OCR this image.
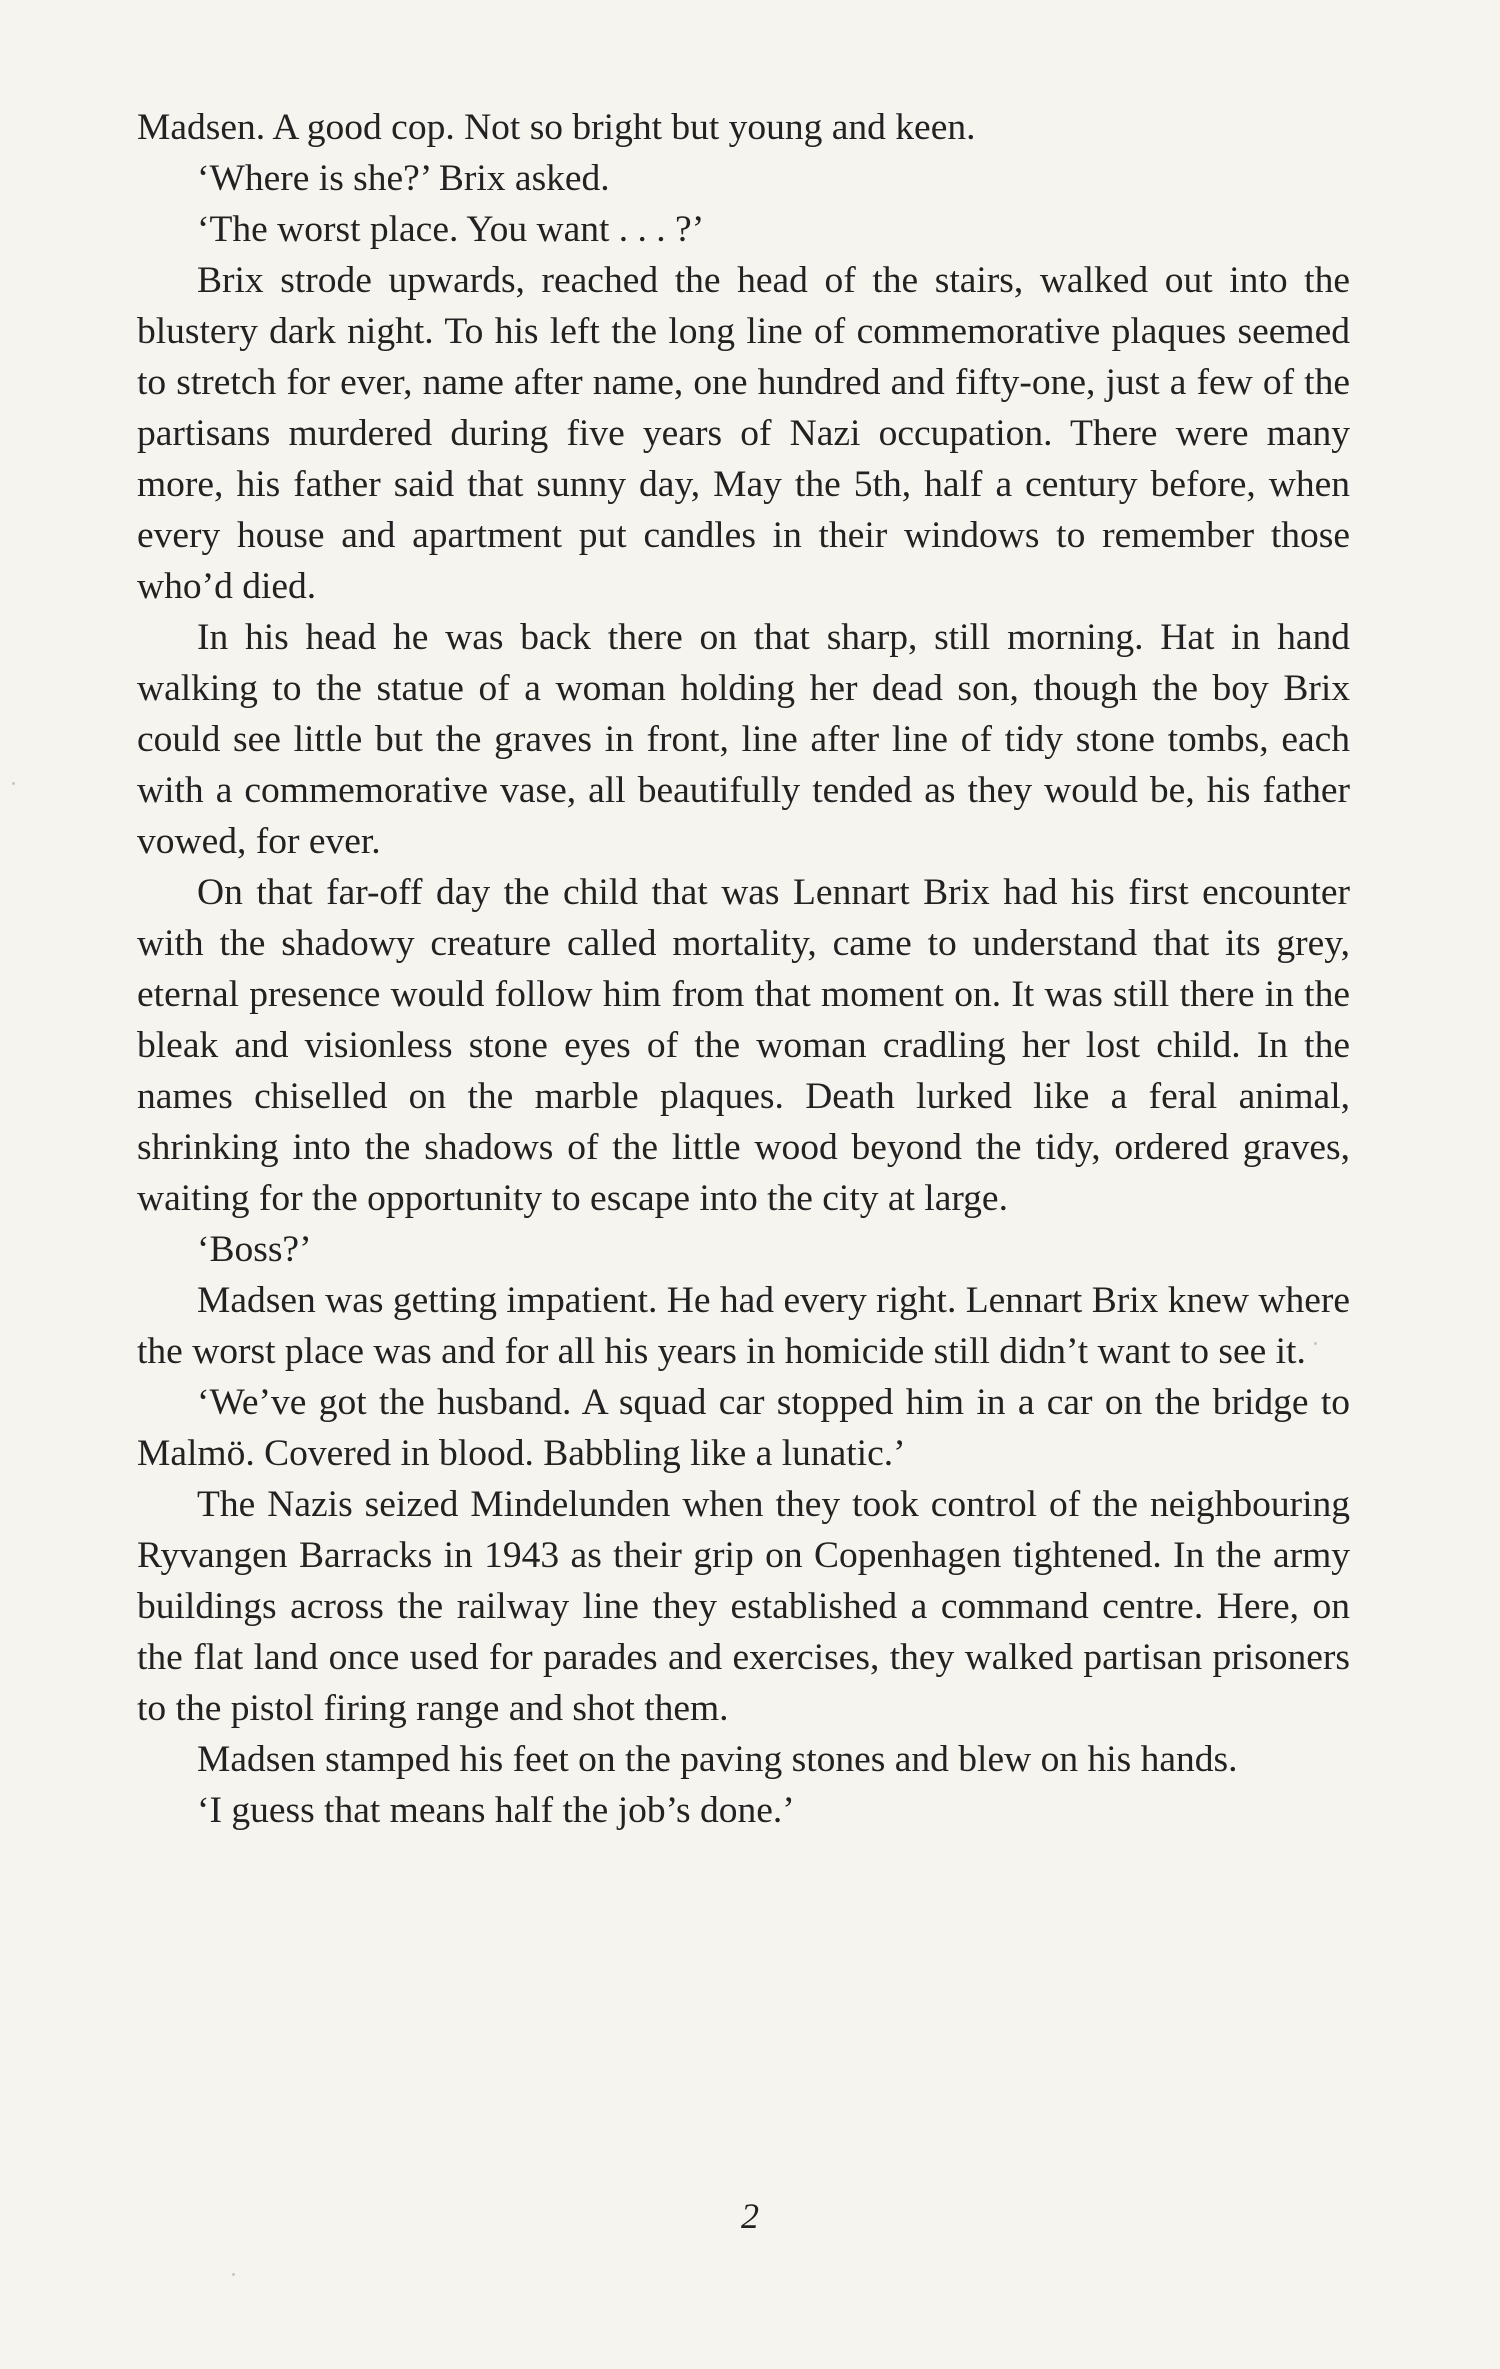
Madsen. A good cop. Not so bright but young and keen.

‘Where is she?’ Brix asked.

‘The worst place. You want . . . ?’

Brix strode upwards, reached the head of the stairs, walked out into the blustery dark night. To his left the long line of commemorative plaques seemed to stretch for ever, name after name, one hundred and fifty-one, just a few of the partisans murdered during five years of Nazi occupation. There were many more, his father said that sunny day, May the 5th, half a century before, when every house and apartment put candles in their windows to remember those who’d died.

In his head he was back there on that sharp, still morning. Hat in hand walking to the statue of a woman holding her dead son, though the boy Brix could see little but the graves in front, line after line of tidy stone tombs, each with a commemorative vase, all beautifully tended as they would be, his father vowed, for ever.

On that far-off day the child that was Lennart Brix had his first encounter with the shadowy creature called mortality, came to understand that its grey, eternal presence would follow him from that moment on. It was still there in the bleak and visionless stone eyes of the woman cradling her lost child. In the names chiselled on the marble plaques. Death lurked like a feral animal, shrinking into the shadows of the little wood beyond the tidy, ordered graves, waiting for the opportunity to escape into the city at large.

‘Boss?’

Madsen was getting impatient. He had every right. Lennart Brix knew where the worst place was and for all his years in homicide still didn’t want to see it.

‘We’ve got the husband. A squad car stopped him in a car on the bridge to Malmö. Covered in blood. Babbling like a lunatic.’

The Nazis seized Mindelunden when they took control of the neighbouring Ryvangen Barracks in 1943 as their grip on Copenhagen tightened. In the army buildings across the railway line they established a command centre. Here, on the flat land once used for parades and exercises, they walked partisan prisoners to the pistol firing range and shot them.

Madsen stamped his feet on the paving stones and blew on his hands.

‘I guess that means half the job’s done.’

2
